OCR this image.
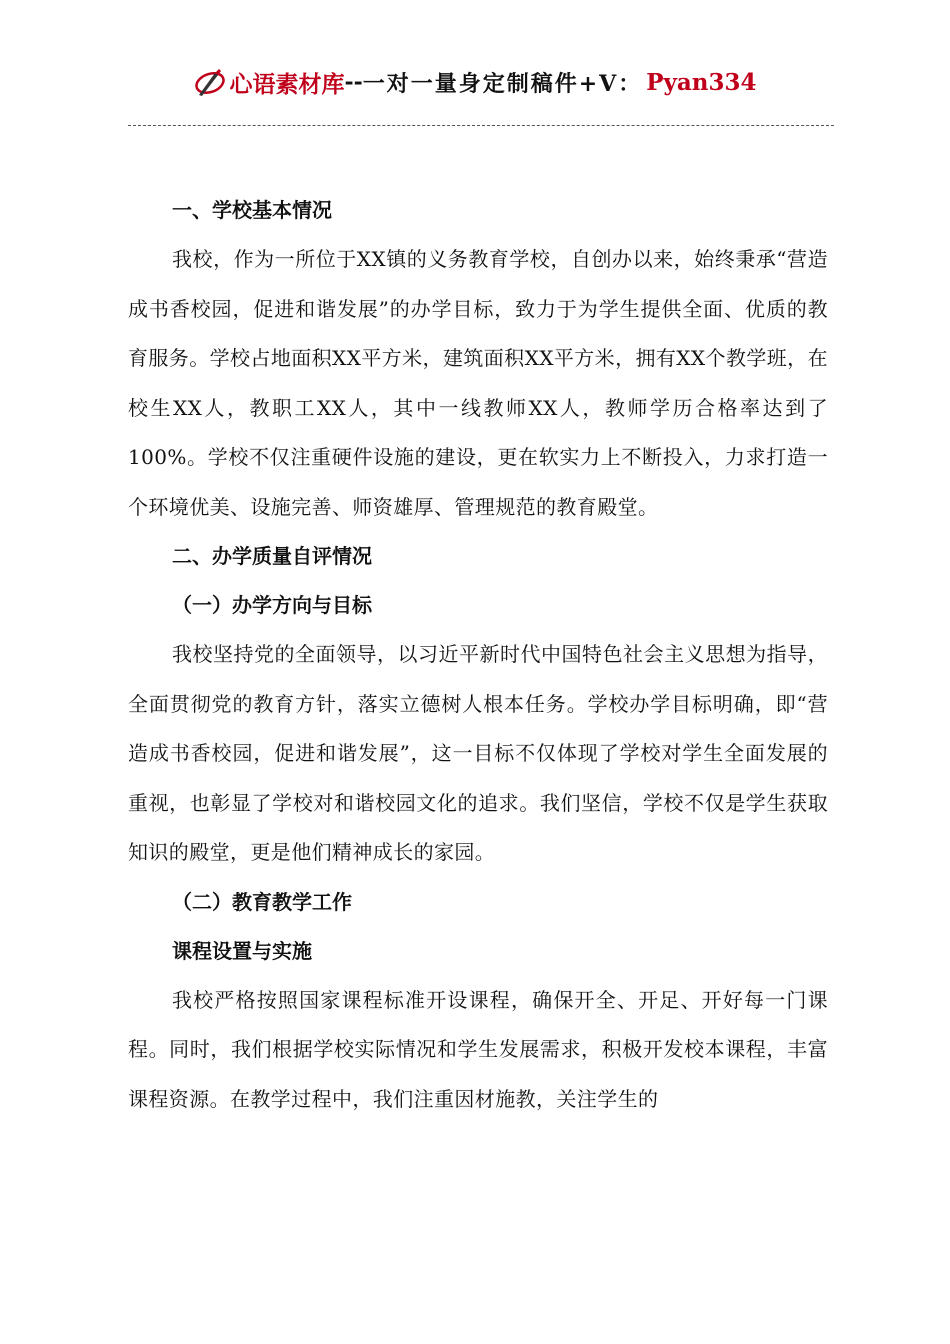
心语素材库 -- 一对一量身定制稿件+V： Pyan334
一、学校基本情况

我校，作为一所位于XX镇的义务教育学校，自创办以来，始终秉承“营造成书香校园，促进和谐发展”的办学目标，致力于为学生提供全面、优质的教育服务。学校占地面积XX平方米，建筑面积XX平方米，拥有XX个教学班，在校生XX人，教职工XX人，其中一线教师XX人，教师学历合格率达到了100%。学校不仅注重硬件设施的建设，更在软实力上不断投入，力求打造一个环境优美、设施完善、师资雄厚、管理规范的教育殿堂。

二、办学质量自评情况
（一）办学方向与目标

我校坚持党的全面领导，以习近平新时代中国特色社会主义思想为指导，全面贯彻党的教育方针，落实立德树人根本任务。学校办学目标明确，即“营造成书香校园，促进和谐发展”，这一目标不仅体现了学校对学生全面发展的重视，也彰显了学校对和谐校园文化的追求。我们坚信，学校不仅是学生获取知识的殿堂，更是他们精神成长的家园。

（二）教育教学工作
课程设置与实施

我校严格按照国家课程标准开设课程，确保开全、开足、开好每一门课程。同时，我们根据学校实际情况和学生发展需求，积极开发校本课程，丰富课程资源。在教学过程中，我们注重因材施教，关注学生的
